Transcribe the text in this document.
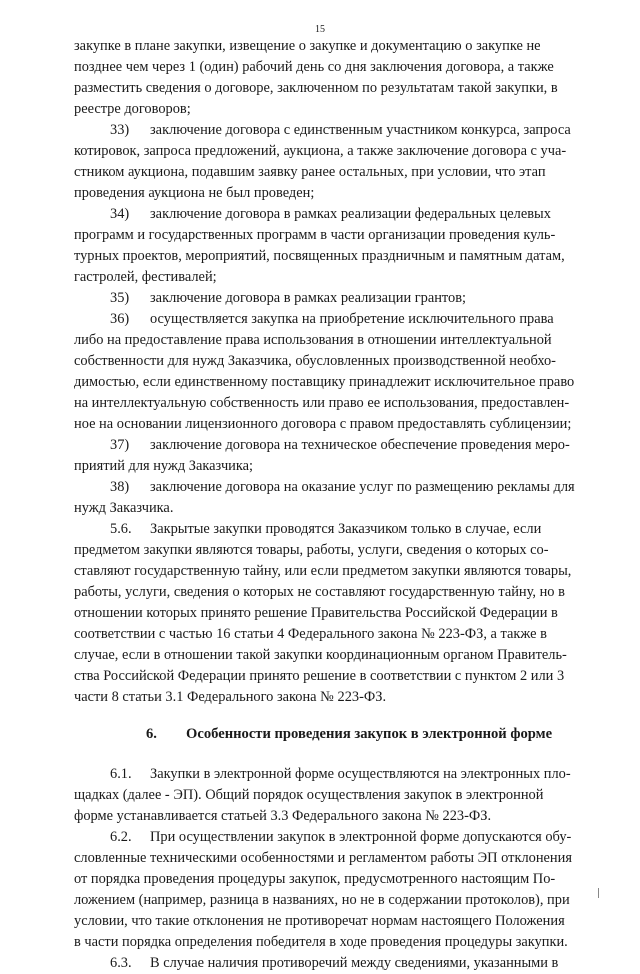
15
закупке в плане закупки, извещение о закупке и документацию о закупке не
позднее чем через 1 (один) рабочий день со дня заключения договора, а также
разместить сведения о договоре, заключенном по результатам такой закупки, в
реестре договоров;
33) заключение договора с единственным участником конкурса, запроса
котировок, запроса предложений, аукциона, а также заключение договора с уча-
стником аукциона, подавшим заявку ранее остальных, при условии, что этап
проведения аукциона не был проведен;
34) заключение договора в рамках реализации федеральных целевых
программ и государственных программ в части организации проведения куль-
турных проектов, мероприятий, посвященных праздничным и памятным датам,
гастролей, фестивалей;
35) заключение договора в рамках реализации грантов;
36) осуществляется закупка на приобретение исключительного права
либо на предоставление права использования в отношении интеллектуальной
собственности для нужд Заказчика, обусловленных производственной необхо-
димостью, если единственному поставщику принадлежит исключительное право
на интеллектуальную собственность или право ее использования, предоставлен-
ное на основании лицензионного договора с правом предоставлять сублицензии;
37) заключение договора на техническое обеспечение проведения меро-
приятий для нужд Заказчика;
38) заключение договора на оказание услуг по размещению рекламы для
нужд Заказчика.
5.6. Закрытые закупки проводятся Заказчиком только в случае, если
предметом закупки являются товары, работы, услуги, сведения о которых со-
ставляют государственную тайну, или если предметом закупки являются товары,
работы, услуги, сведения о которых не составляют государственную тайну, но в
отношении которых принято решение Правительства Российской Федерации в
соответствии с частью 16 статьи 4 Федерального закона № 223-ФЗ, а также в
случае, если в отношении такой закупки координационным органом Правитель-
ства Российской Федерации принято решение в соответствии с пунктом 2 или 3
части 8 статьи 3.1 Федерального закона № 223-ФЗ.
6. Особенности проведения закупок в электронной форме
6.1. Закупки в электронной форме осуществляются на электронных пло-
щадках (далее - ЭП). Общий порядок осуществления закупок в электронной
форме устанавливается статьей 3.3 Федерального закона № 223-ФЗ.
6.2. При осуществлении закупок в электронной форме допускаются обу-
словленные техническими особенностями и регламентом работы ЭП отклонения
от порядка проведения процедуры закупок, предусмотренного настоящим По-
ложением (например, разница в названиях, но не в содержании протоколов), при
условии, что такие отклонения не противоречат нормам настоящего Положения
в части порядка определения победителя в ходе проведения процедуры закупки.
6.3. В случае наличия противоречий между сведениями, указанными в
